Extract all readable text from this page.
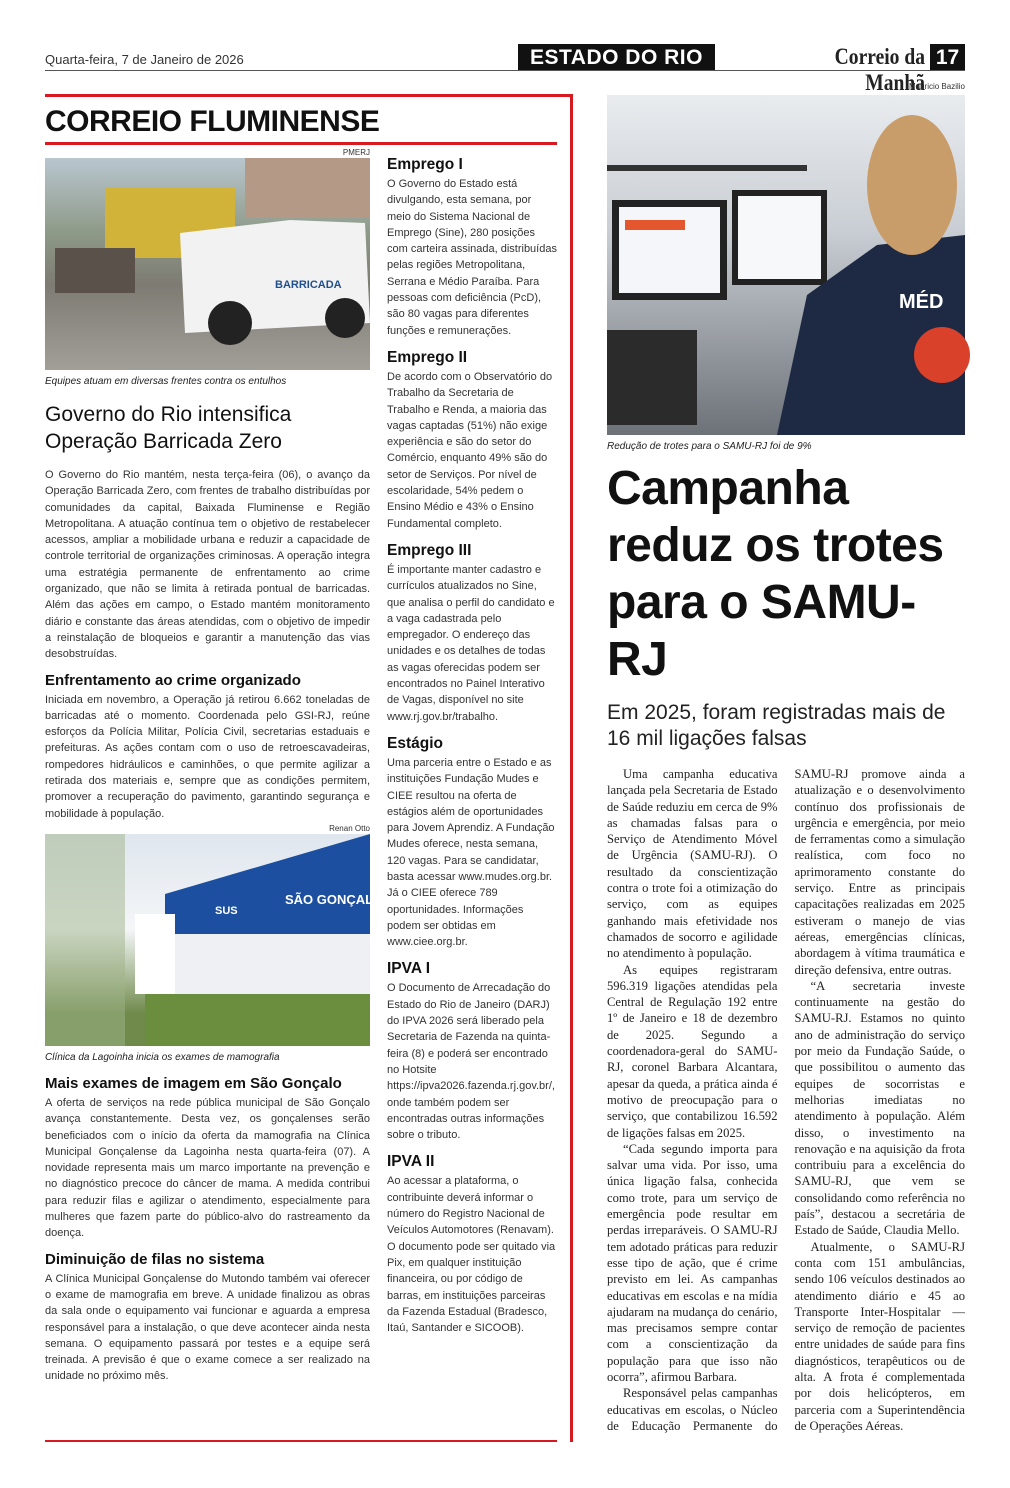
Quarta-feira, 7 de Janeiro de 2026	ESTADO DO RIO	Correio da Manhã
17
CORREIO FLUMINENSE
PMERJ
BARRICADA
Equipes atuam em diversas frentes contra os entulhos
Governo do Rio intensifica Operação Barricada Zero
O Governo do Rio mantém, nesta terça-feira (06), o avanço da Operação Barricada Zero, com frentes de trabalho distribuídas por comunidades da capital, Baixada Fluminense e Região Metropolitana. A atuação contínua tem o objetivo de restabelecer acessos, ampliar a mobilidade urbana e reduzir a capacidade de controle territorial de organizações criminosas. A operação integra uma estratégia permanente de enfrentamento ao crime organizado, que não se limita à retirada pontual de barricadas. Além das ações em campo, o Estado mantém monitoramento diário e constante das áreas atendidas, com o objetivo de impedir a reinstalação de bloqueios e garantir a manutenção das vias desobstruídas.
Enfrentamento ao crime organizado
Iniciada em novembro, a Operação já retirou 6.662 toneladas de barricadas até o momento. Coordenada pelo GSI-RJ, reúne esforços da Polícia Militar, Polícia Civil, secretarias estaduais e prefeituras. As ações contam com o uso de retroescavadeiras, rompedores hidráulicos e caminhões, o que permite agilizar a retirada dos materiais e, sempre que as condições permitem, promover a recuperação do pavimento, garantindo segurança e mobilidade à população.
Renan Otto
SÃO GONÇALO
SUS
Clínica da Lagoinha inicia os exames de mamografia
Mais exames de imagem em São Gonçalo
A oferta de serviços na rede pública municipal de São Gonçalo avança constantemente. Desta vez, os gonçalenses serão beneficiados com o início da oferta da mamografia na Clínica Municipal Gonçalense da Lagoinha nesta quarta-feira (07). A novidade representa mais um marco importante na prevenção e no diagnóstico precoce do câncer de mama. A medida contribui para reduzir filas e agilizar o atendimento, especialmente para mulheres que fazem parte do público-alvo do rastreamento da doença.
Diminuição de filas no sistema
A Clínica Municipal Gonçalense do Mutondo também vai oferecer o exame de mamografia em breve. A unidade finalizou as obras da sala onde o equipamento vai funcionar e aguarda a empresa responsável para a instalação, o que deve acontecer ainda nesta semana. O equipamento passará por testes e a equipe será treinada. A previsão é que o exame comece a ser realizado na unidade no próximo mês.
Emprego I

O Governo do Estado está divulgando, esta semana, por meio do Sistema Nacional de Emprego (Sine), 280 posições com carteira assinada, distribuídas pelas regiões Metropolitana, Serrana e Médio Paraíba. Para pessoas com deficiência (PcD), são 80 vagas para diferentes funções e remunerações.

Emprego II

De acordo com o Observatório do Trabalho da Secretaria de Trabalho e Renda, a maioria das vagas captadas (51%) não exige experiência e são do setor do Comércio, enquanto 49% são do setor de Serviços. Por nível de escolaridade, 54% pedem o Ensino Médio e 43% o Ensino Fundamental completo.

Emprego III

É importante manter cadastro e currículos atualizados no Sine, que analisa o perfil do candidato e a vaga cadastrada pelo empregador. O endereço das unidades e os detalhes de todas as vagas oferecidas podem ser encontrados no Painel Interativo de Vagas, disponível no site www.rj.gov.br/trabalho.

Estágio

Uma parceria entre o Estado e as instituições Fundação Mudes e CIEE resultou na oferta de estágios além de oportunidades para Jovem Aprendiz. A Fundação Mudes oferece, nesta semana, 120 vagas. Para se candidatar, basta acessar www.mudes.org.br. Já o CIEE oferece 789 oportunidades. Informações podem ser obtidas em www.ciee.org.br.

IPVA I

O Documento de Arrecadação do Estado do Rio de Janeiro (DARJ) do IPVA 2026 será liberado pela Secretaria de Fazenda na quinta-feira (8) e poderá ser encontrado no Hotsite https://ipva2026.fazenda.rj.gov.br/, onde também podem ser encontradas outras informações sobre o tributo.

IPVA II

Ao acessar a plataforma, o contribuinte deverá informar o número do Registro Nacional de Veículos Automotores (Renavam). O documento pode ser quitado via Pix, em qualquer instituição financeira, ou por código de barras, em instituições parceiras da Fazenda Estadual (Bradesco, Itaú, Santander e SICOOB).

Mauricio Bazilio
MÉD
Redução de trotes para o SAMU-RJ foi de 9%
Campanha reduz os trotes para o SAMU-RJ
Em 2025, foram registradas mais de 16 mil ligações falsas

Uma campanha educativa lançada pela Secretaria de Estado de Saúde reduziu em cerca de 9% as chamadas falsas para o Serviço de Atendimento Móvel de Urgência (SAMU-RJ). O resultado da conscientização contra o trote foi a otimização do serviço, com as equipes ganhando mais efetividade nos chamados de socorro e agilidade no atendimento à população.

As equipes registraram 596.319 ligações atendidas pela Central de Regulação 192 entre 1º de Janeiro e 18 de dezembro de 2025. Segundo a coordenadora-geral do SAMU-RJ, coronel Barbara Alcantara, apesar da queda, a prática ainda é motivo de preocupação para o serviço, que contabilizou 16.592 de ligações falsas em 2025.

“Cada segundo importa para salvar uma vida. Por isso, uma única ligação falsa, conhecida como trote, para um serviço de emergência pode resultar em perdas irreparáveis. O SAMU-RJ tem adotado práticas para reduzir esse tipo de ação, que é crime previsto em lei. As campanhas educativas em escolas e na mídia ajudaram na mudança do cenário, mas precisamos sempre contar com a conscientização da população para que isso não ocorra”, afirmou Barbara.

Responsável pelas campanhas educativas em escolas, o Núcleo de Educação Permanente do SAMU-RJ promove ainda a atualização e o desenvolvimento contínuo dos profissionais de urgência e emergência, por meio de ferramentas como a simulação realística, com foco no aprimoramento constante do serviço. Entre as principais capacitações realizadas em 2025 estiveram o manejo de vias aéreas, emergências clínicas, abordagem à vítima traumática e direção defensiva, entre outras.

“A secretaria investe continuamente na gestão do SAMU-RJ. Estamos no quinto ano de administração do serviço por meio da Fundação Saúde, o que possibilitou o aumento das equipes de socorristas e melhorias imediatas no atendimento à população. Além disso, o investimento na renovação e na aquisição da frota contribuiu para a excelência do SAMU-RJ, que vem se consolidando como referência no país”, destacou a secretária de Estado de Saúde, Claudia Mello.

Atualmente, o SAMU-RJ conta com 151 ambulâncias, sendo 106 veículos destinados ao atendimento diário e 45 ao Transporte Inter-Hospitalar — serviço de remoção de pacientes entre unidades de saúde para fins diagnósticos, terapêuticos ou de alta. A frota é complementada por dois helicópteros, em parceria com a Superintendência de Operações Aéreas.
